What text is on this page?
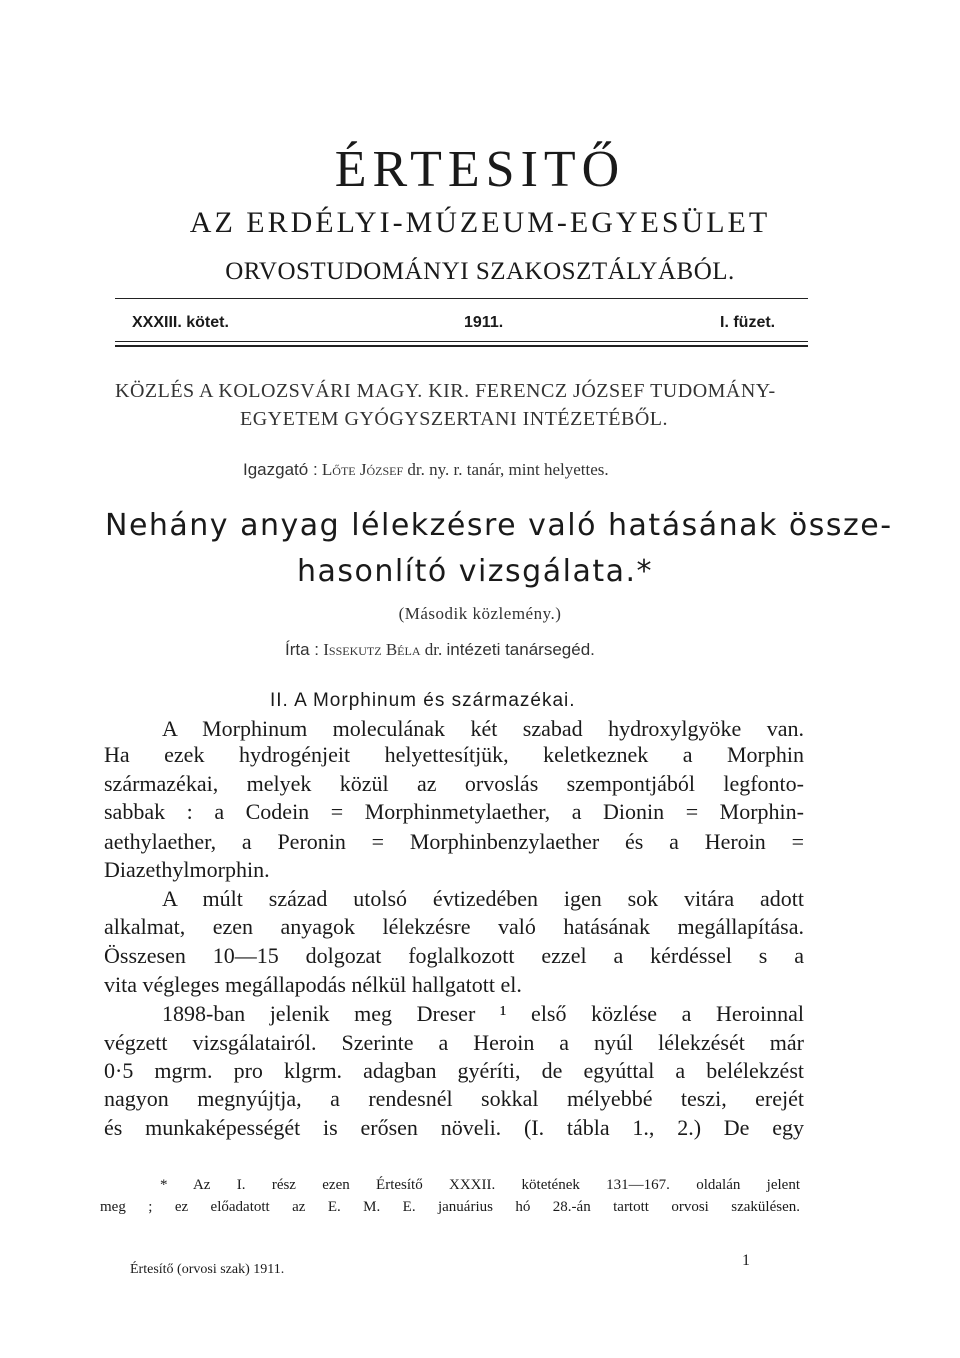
ÉRTESITŐ
AZ ERDÉLYI-MÚZEUM-EGYESÜLET
ORVOSTUDOMÁNYI SZAKOSZTÁLYÁBÓL.
XXXIII. kötet.	1911.	I. füzet.
KÖZLÉS A KOLOZSVÁRI MAGY. KIR. FERENCZ JÓZSEF TUDOMÁNY-
EGYETEM GYÓGYSZERTANI INTÉZETÉBŐL.
Igazgató : Lőte József dr. ny. r. tanár, mint helyettes.
Nehány anyag lélekzésre való hatásának össze-
hasonlító vizsgálata.*
(Második közlemény.)
Írta : Issekutz Béla dr. intézeti tanársegéd.
II. A Morphinum és származékai.
A Morphinum moleculának két szabad hydroxylgyöke van.
Ha ezek hydrogénjeit helyettesítjük, keletkeznek a Morphin
származékai, melyek közül az orvoslás szempontjából legfonto-
sabbak : a Codein = Morphinmetylaether, a Dionin = Morphin-
aethylaether, a Peronin = Morphinbenzylaether és a Heroin =
Diazethylmorphin.
A múlt század utolsó évtizedében igen sok vitára adott
alkalmat, ezen anyagok lélekzésre való hatásának megállapítása.
Összesen 10—15 dolgozat foglalkozott ezzel a kérdéssel s a
vita végleges megállapodás nélkül hallgatott el.
1898-ban jelenik meg Dreser ¹ első közlése a Heroinnal
végzett vizsgálatairól. Szerinte a Heroin a nyúl lélekzését már
0·5 mgrm. pro klgrm. adagban gyéríti, de egyúttal a belélekzést
nagyon megnyújtja, a rendesnél sokkal mélyebbé teszi, erejét
és munkaképességét is erősen növeli. (I. tábla 1., 2.) De egy
* Az I. rész ezen Értesítő XXXII. kötetének 131—167. oldalán jelent
meg ; ez előadatott az E. M. E. januárius hó 28.-án tartott orvosi szakülésen.
Értesítő (orvosi szak) 1911.
1
